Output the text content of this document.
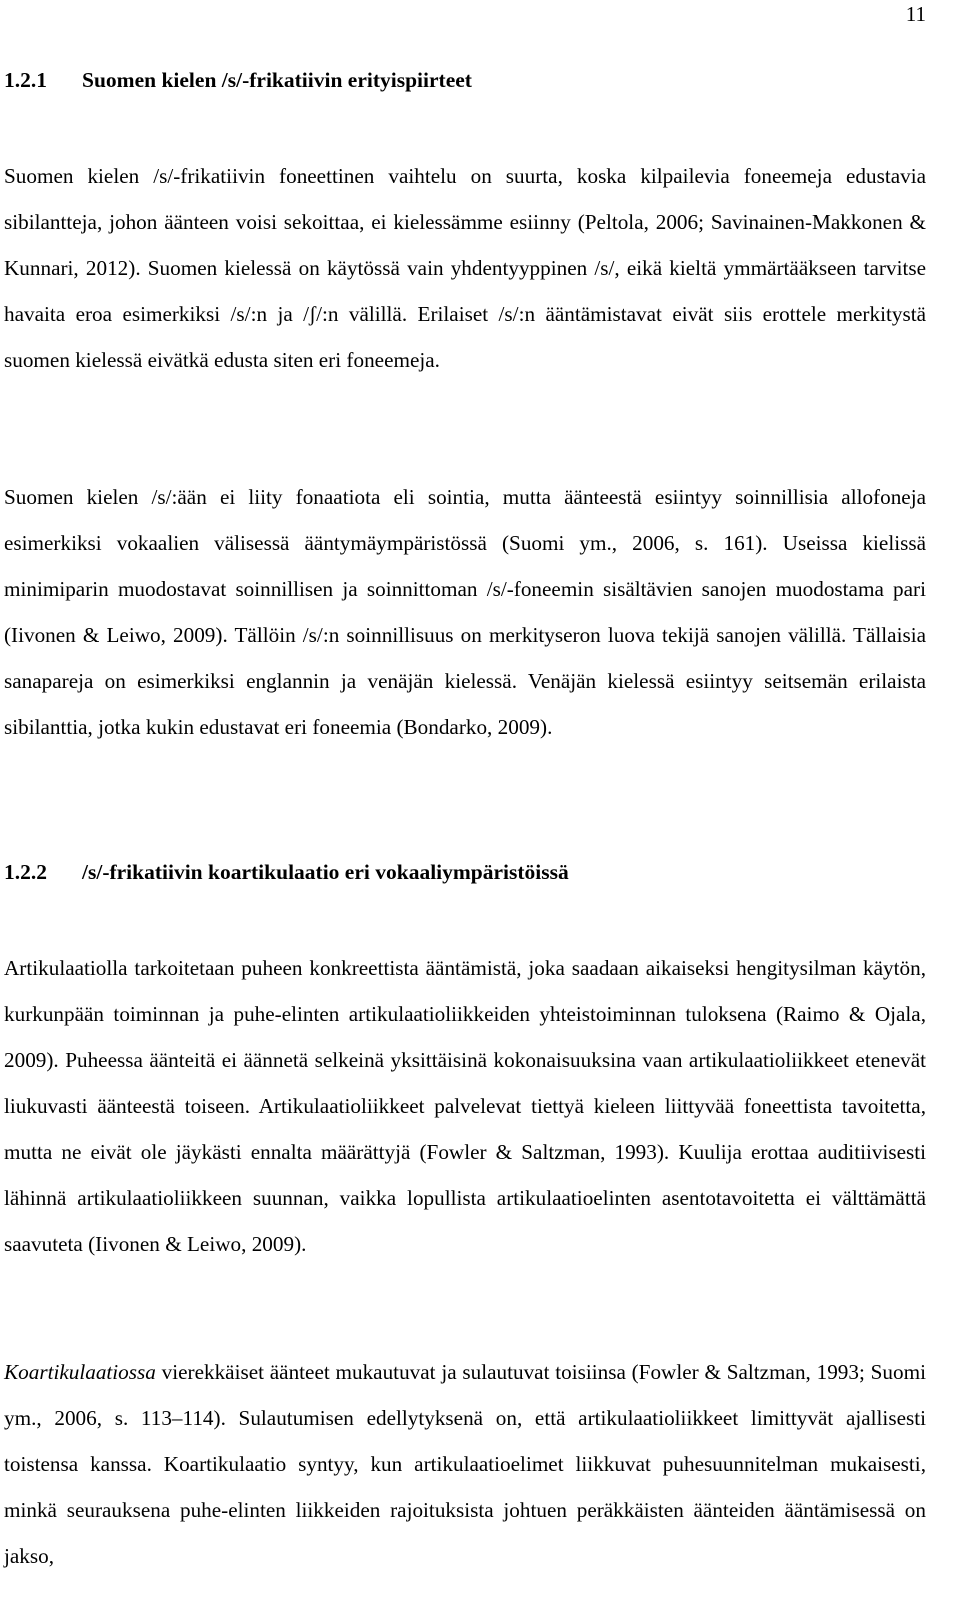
11
1.2.1 Suomen kielen /s/-frikatiivin erityispiirteet
Suomen kielen /s/-frikatiivin foneettinen vaihtelu on suurta, koska kilpailevia foneemeja edustavia sibilantteja, johon äänteen voisi sekoittaa, ei kielessämme esiinny (Peltola, 2006; Savinainen-Makkonen & Kunnari, 2012). Suomen kielessä on käytössä vain yhdentyyppinen /s/, eikä kieltä ymmärtääkseen tarvitse havaita eroa esimerkiksi /s/:n ja /ʃ/:n välillä. Erilaiset /s/:n ääntämistavat eivät siis erottele merkitystä suomen kielessä eivätkä edusta siten eri foneemeja.
Suomen kielen /s/:ään ei liity fonaatiota eli sointia, mutta äänteestä esiintyy soinnillisia allofoneja esimerkiksi vokaalien välisessä ääntymäympäristössä (Suomi ym., 2006, s. 161). Useissa kielissä minimiparin muodostavat soinnillisen ja soinnittoman /s/-foneemin sisältävien sanojen muodostama pari (Iivonen & Leiwo, 2009). Tällöin /s/:n soinnillisuus on merkityseron luova tekijä sanojen välillä. Tällaisia sanapareja on esimerkiksi englannin ja venäjän kielessä. Venäjän kielessä esiintyy seitsemän erilaista sibilanttia, jotka kukin edustavat eri foneemia (Bondarko, 2009).
1.2.2 /s/-frikatiivin koartikulaatio eri vokaaliympäristöissä
Artikulaatiolla tarkoitetaan puheen konkreettista ääntämistä, joka saadaan aikaiseksi hengitysilman käytön, kurkunpään toiminnan ja puhe-elinten artikulaatioliikkeiden yhteistoiminnan tuloksena (Raimo & Ojala, 2009). Puheessa äänteitä ei äännetä selkeinä yksittäisinä kokonaisuuksina vaan artikulaatioliikkeet etenevät liukuvasti äänteestä toiseen. Artikulaatioliikkeet palvelevat tiettyä kieleen liittyvää foneettista tavoitetta, mutta ne eivät ole jäykästi ennalta määrättyjä (Fowler & Saltzman, 1993). Kuulija erottaa auditiivisesti lähinnä artikulaatioliikkeen suunnan, vaikka lopullista artikulaatioelinten asentotavoitetta ei välttämättä saavuteta (Iivonen & Leiwo, 2009).
Koartikulaatiossa vierekkäiset äänteet mukautuvat ja sulautuvat toisiinsa (Fowler & Saltzman, 1993; Suomi ym., 2006, s. 113–114). Sulautumisen edellytyksenä on, että artikulaatioliikkeet limittyvät ajallisesti toistensa kanssa. Koartikulaatio syntyy, kun artikulaatioelimet liikkuvat puhesuunnitelman mukaisesti, minkä seurauksena puhe-elinten liikkeiden rajoituksista johtuen peräkkäisten äänteiden ääntämisessä on jakso,
